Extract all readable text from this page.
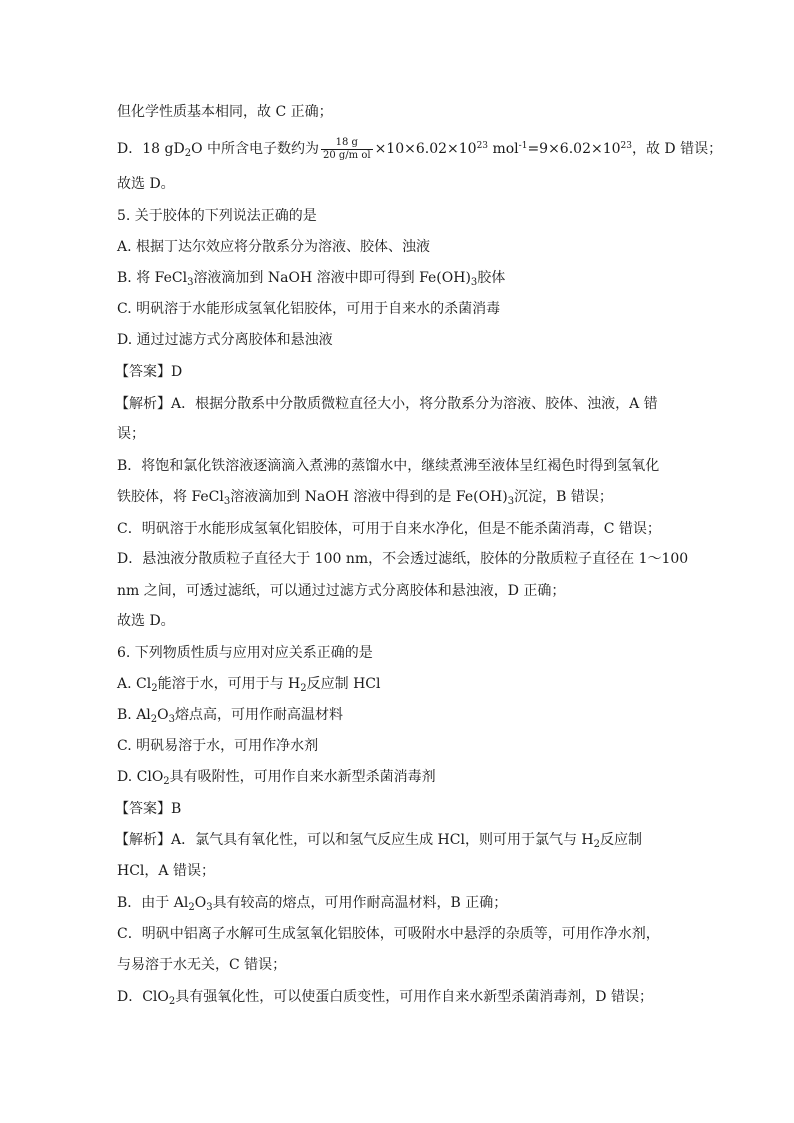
但化学性质基本相同，故 C 正确；
D．18 $gD_2O$ 中所含电子数约为 $\frac{18 g}{\text{20 g/m ol}} \times 10\times 6.02\times 10^{23}$ $mol^{-1}=9\times 6.02\times 10^{23}$，故 D 错误；
故选 D。
5. 关于胶体的下列说法正确的是
A. 根据丁达尔效应将分散系分为溶液、胶体、浊液
B. 将 FeCl$_3$溶液滴加到 NaOH 溶液中即可得到 $Fe(OH)_3$胶体
C. 明矾溶于水能形成氢氧化铝胶体，可用于自来水的杀菌消毒
D. 通过过滤方式分离胶体和悬浊液
【答案】D
【解析】A．根据分散系中分散质微粒直径大小，将分散系分为溶液、胶体、浊液，A 错
误；
B．将饱和氯化铁溶液逐滴滴入煮沸的蒸馏水中，继续煮沸至液体呈红褐色时得到氢氧化
铁胶体，将 FeCl$_3$溶液滴加到 NaOH 溶液中得到的是 $Fe(OH)_3$沉淀，B 错误；
C．明矾溶于水能形成氢氧化铝胶体，可用于自来水净化，但是不能杀菌消毒，C 错误；
D．悬浊液分散质粒子直径大于 100 nm，不会透过滤纸，胶体的分散质粒子直径在 1～100
nm 之间，可透过滤纸，可以通过过滤方式分离胶体和悬浊液，D 正确；
故选 D。
6. 下列物质性质与应用对应关系正确的是
A. $Cl_2$能溶于水，可用于与 $H_2$反应制 HCl
B. $Al_2O_3$熔点高，可用作耐高温材料
C. 明矾易溶于水，可用作净水剂
D. ClO$_2$具有吸附性，可用作自来水新型杀菌消毒剂
【答案】B
【解析】A．氯气具有氧化性，可以和氢气反应生成 HCl，则可用于氯气与 $H_2$反应制
HCl，A 错误；
B．由于 $Al_2O_3$具有较高的熔点，可用作耐高温材料，B 正确；
C．明矾中铝离子水解可生成氢氧化铝胶体，可吸附水中悬浮的杂质等，可用作净水剂，
与易溶于水无关，C 错误；
D．ClO$_2$具有强氧化性，可以使蛋白质变性，可用作自来水新型杀菌消毒剂，D 错误；
